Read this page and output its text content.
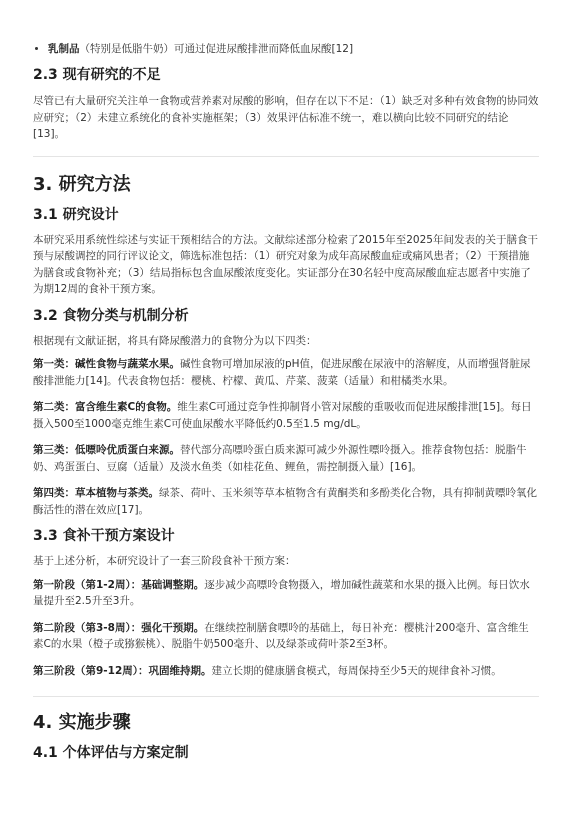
• 乳制品（特别是低脂牛奶）可通过促进尿酸排泄而降低血尿酸[12]
2.3 现有研究的不足

尽管已有大量研究关注单一食物或营养素对尿酸的影响，但存在以下不足：（1）缺乏对多种有效食物的协同效应研究；（2）未建立系统化的食补实施框架；（3）效果评估标准不统一，难以横向比较不同研究的结论[13]。

3. 研究方法
3.1 研究设计

本研究采用系统性综述与实证干预相结合的方法。文献综述部分检索了2015年至2025年间发表的关于膳食干预与尿酸调控的同行评议论文，筛选标准包括：（1）研究对象为成年高尿酸血症或痛风患者；（2）干预措施为膳食或食物补充；（3）结局指标包含血尿酸浓度变化。实证部分在30名轻中度高尿酸血症志愿者中实施了为期12周的食补干预方案。

3.2 食物分类与机制分析

根据现有文献证据，将具有降尿酸潜力的食物分为以下四类：

第一类：碱性食物与蔬菜水果。碱性食物可增加尿液的pH值，促进尿酸在尿液中的溶解度，从而增强肾脏尿酸排泄能力[14]。代表食物包括：樱桃、柠檬、黄瓜、芹菜、菠菜（适量）和柑橘类水果。

第二类：富含维生素C的食物。维生素C可通过竞争性抑制肾小管对尿酸的重吸收而促进尿酸排泄[15]。每日摄入500至1000毫克维生素C可使血尿酸水平降低约0.5至1.5 mg/dL。

第三类：低嘌呤优质蛋白来源。替代部分高嘌呤蛋白质来源可减少外源性嘌呤摄入。推荐食物包括：脱脂牛奶、鸡蛋蛋白、豆腐（适量）及淡水鱼类（如桂花鱼、鲤鱼，需控制摄入量）[16]。

第四类：草本植物与茶类。绿茶、荷叶、玉米须等草本植物含有黄酮类和多酚类化合物，具有抑制黄嘌呤氧化酶活性的潜在效应[17]。

3.3 食补干预方案设计

基于上述分析，本研究设计了一套三阶段食补干预方案：

第一阶段（第1-2周）：基础调整期。逐步减少高嘌呤食物摄入，增加碱性蔬菜和水果的摄入比例。每日饮水量提升至2.5升至3升。

第二阶段（第3-8周）：强化干预期。在继续控制膳食嘌呤的基础上，每日补充：樱桃汁200毫升、富含维生素C的水果（橙子或猕猴桃）、脱脂牛奶500毫升、以及绿茶或荷叶茶2至3杯。

第三阶段（第9-12周）：巩固维持期。建立长期的健康膳食模式，每周保持至少5天的规律食补习惯。

4. 实施步骤
4.1 个体评估与方案定制
